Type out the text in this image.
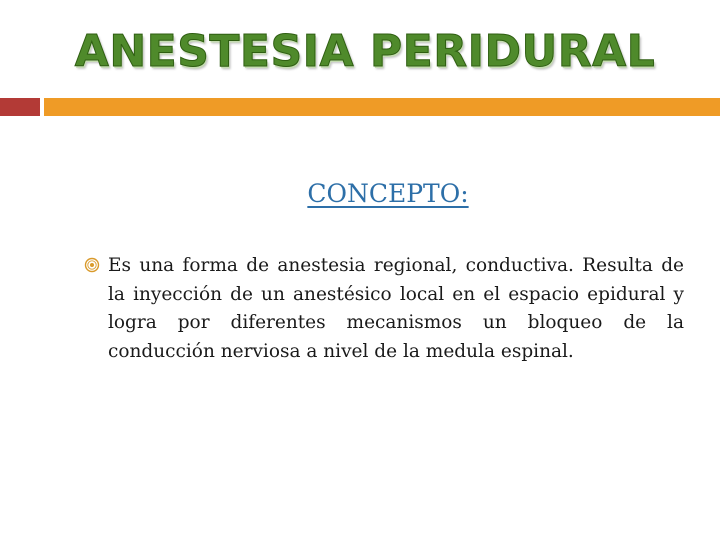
ANESTESIA PERIDURAL
CONCEPTO:
Es una forma de anestesia regional, conductiva. Resulta de la inyección de un anestésico local en el espacio epidural y logra por diferentes mecanismos un bloqueo de la conducción nerviosa a nivel de la medula espinal.
